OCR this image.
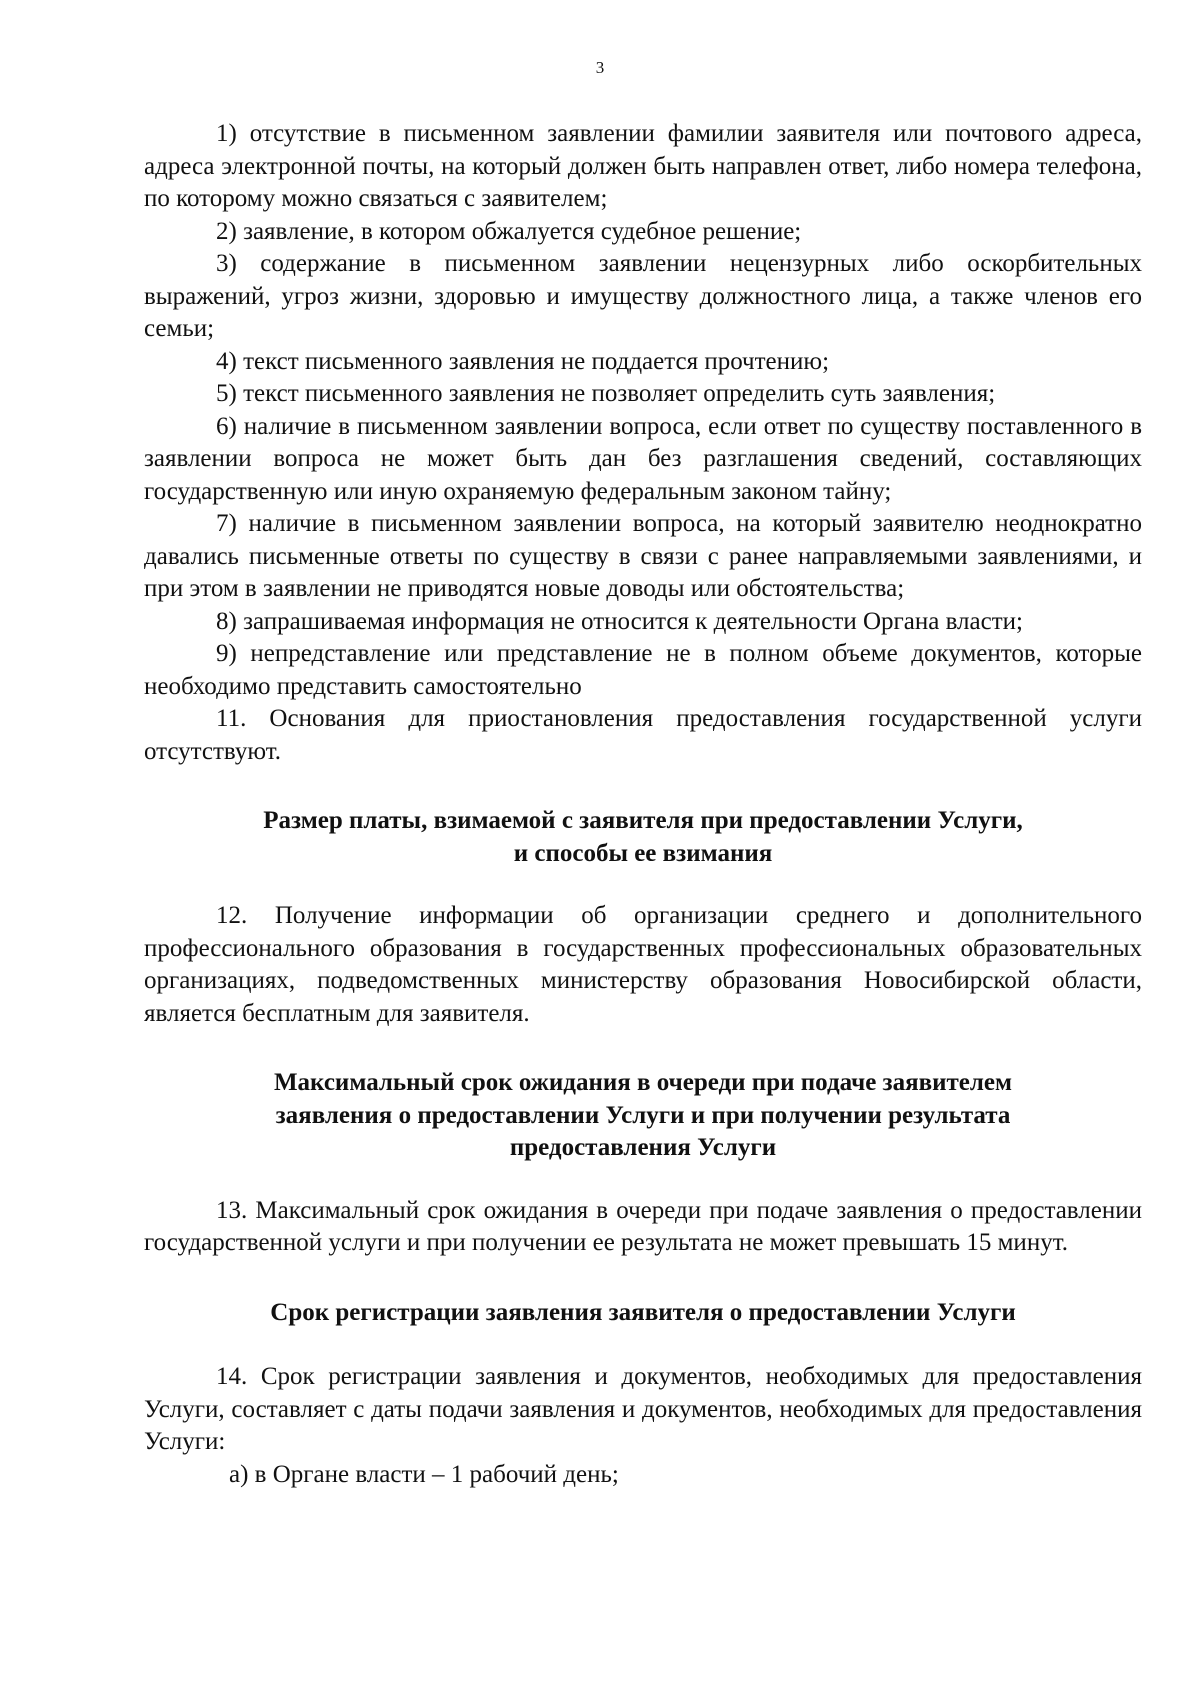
3

1) отсутствие в письменном заявлении фамилии заявителя или почтового адреса, адреса электронной почты, на который должен быть направлен ответ, либо номера телефона, по которому можно связаться с заявителем;

2) заявление, в котором обжалуется судебное решение;

3) содержание в письменном заявлении нецензурных либо оскорбительных выражений, угроз жизни, здоровью и имуществу должностного лица, а также членов его семьи;

4) текст письменного заявления не поддается прочтению;

5) текст письменного заявления не позволяет определить суть заявления;

6) наличие в письменном заявлении вопроса, если ответ по существу поставленного в заявлении вопроса не может быть дан без разглашения сведений, составляющих государственную или иную охраняемую федеральным законом тайну;

7) наличие в письменном заявлении вопроса, на который заявителю неоднократно давались письменные ответы по существу в связи с ранее направляемыми заявлениями, и при этом в заявлении не приводятся новые доводы или обстоятельства;

8) запрашиваемая информация не относится к деятельности Органа власти;

9) непредставление или представление не в полном объеме документов, которые необходимо представить самостоятельно

11. Основания для приостановления предоставления государственной услуги отсутствуют.

Размер платы, взимаемой с заявителя при предоставлении Услуги,

и способы ее взимания

12. Получение информации об организации среднего и дополнительного профессионального образования в государственных профессиональных образовательных организациях, подведомственных министерству образования Новосибирской области, является бесплатным для заявителя.

Максимальный срок ожидания в очереди при подаче заявителем

заявления о предоставлении Услуги и при получении результата

предоставления Услуги

13. Максимальный срок ожидания в очереди при подаче заявления о предоставлении государственной услуги и при получении ее результата не может превышать 15 минут.

Срок регистрации заявления заявителя о предоставлении Услуги

14. Срок регистрации заявления и документов, необходимых для предоставления Услуги, составляет с даты подачи заявления и документов, необходимых для предоставления Услуги:

а) в Органе власти – 1 рабочий день;
